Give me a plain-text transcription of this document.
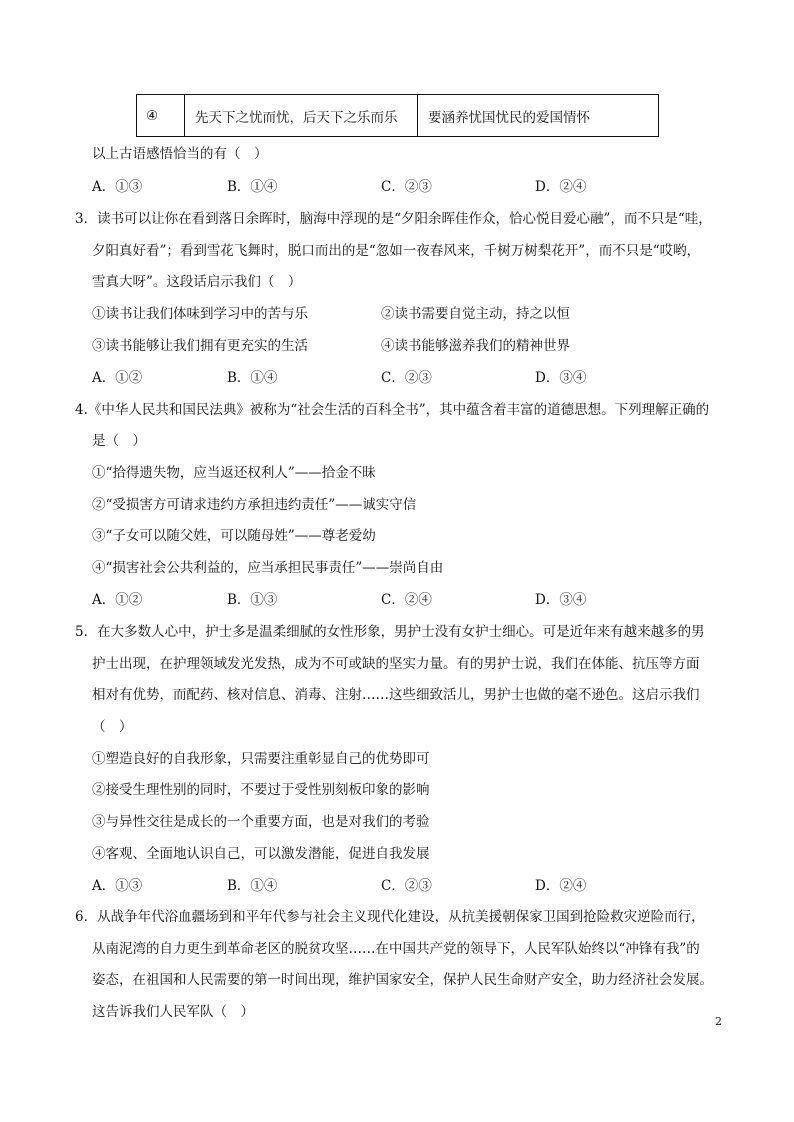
④	先天下之忧而忧，后天下之乐而乐	要涵养忧国忧民的爱国情怀
以上古语感悟恰当的有（　）
A．①③	B．①④	C．②③	D．②④
3．读书可以让你在看到落日余晖时，脑海中浮现的是“夕阳余晖佳作众，恰心悦目爱心融”，而不只是“哇，
夕阳真好看”；看到雪花飞舞时，脱口而出的是“忽如一夜春风来，千树万树梨花开”，而不只是“哎哟，
雪真大呀”。这段话启示我们（　）
①读书让我们体味到学习中的苦与乐	②读书需要自觉主动，持之以恒
③读书能够让我们拥有更充实的生活	④读书能够滋养我们的精神世界
A．①②	B．①④	C．②③	D．③④
4.《中华人民共和国民法典》被称为“社会生活的百科全书”，其中蕴含着丰富的道德思想。下列理解正确的
是（　）
①“拾得遗失物，应当返还权利人”——拾金不昧
②“受损害方可请求违约方承担违约责任”——诚实守信
③“子女可以随父姓，可以随母姓”——尊老爱幼
④“损害社会公共利益的，应当承担民事责任”——崇尚自由
A．①②	B．①③	C．②④	D．③④
5．在大多数人心中，护士多是温柔细腻的女性形象，男护士没有女护士细心。可是近年来有越来越多的男
护士出现，在护理领域发光发热，成为不可或缺的坚实力量。有的男护士说，我们在体能、抗压等方面
相对有优势，而配药、核对信息、消毒、注射……这些细致活儿，男护士也做的毫不逊色。这启示我们
（　）
①塑造良好的自我形象，只需要注重彰显自己的优势即可
②接受生理性别的同时，不要过于受性别刻板印象的影响
③与异性交往是成长的一个重要方面，也是对我们的考验
④客观、全面地认识自己，可以激发潜能，促进自我发展
A．①③	B．①④	C．②③	D．②④
6．从战争年代浴血疆场到和平年代参与社会主义现代化建设，从抗美援朝保家卫国到抢险救灾逆险而行，
从南泥湾的自力更生到革命老区的脱贫攻坚……在中国共产党的领导下，人民军队始终以“冲锋有我”的
姿态，在祖国和人民需要的第一时间出现，维护国家安全，保护人民生命财产安全，助力经济社会发展。
这告诉我们人民军队（　）
2
